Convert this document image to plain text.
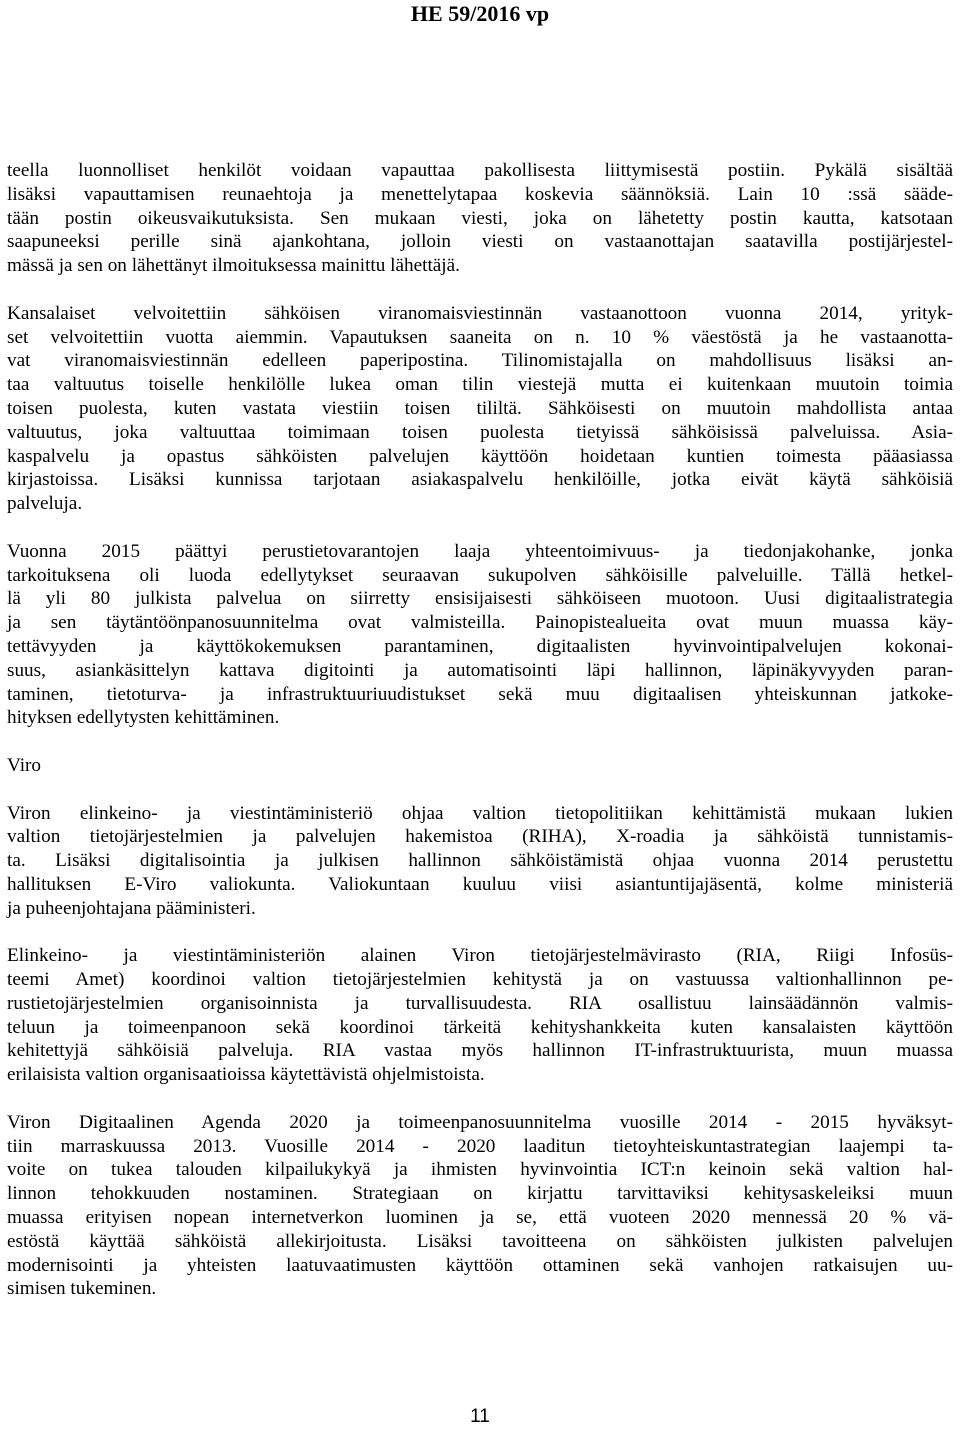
HE 59/2016 vp
teella luonnolliset henkilöt voidaan vapauttaa pakollisesta liittymisestä postiin. Pykälä sisältää
lisäksi vapauttamisen reunaehtoja ja menettelytapaa koskevia säännöksiä. Lain 10 :ssä sääde-
tään postin oikeusvaikutuksista. Sen mukaan viesti, joka on lähetetty postin kautta, katsotaan
saapuneeksi perille sinä ajankohtana, jolloin viesti on vastaanottajan saatavilla postijärjestel-
mässä ja sen on lähettänyt ilmoituksessa mainittu lähettäjä.
Kansalaiset velvoitettiin sähköisen viranomaisviestinnän vastaanottoon vuonna 2014, yrityk-
set velvoitettiin vuotta aiemmin. Vapautuksen saaneita on n. 10 % väestöstä ja he vastaanotta-
vat viranomaisviestinnän edelleen paperipostina. Tilinomistajalla on mahdollisuus lisäksi an-
taa valtuutus toiselle henkilölle lukea oman tilin viestejä mutta ei kuitenkaan muutoin toimia
toisen puolesta, kuten vastata viestiin toisen tililtä. Sähköisesti on muutoin mahdollista antaa
valtuutus, joka valtuuttaa toimimaan toisen puolesta tietyissä sähköisissä palveluissa. Asia-
kaspalvelu ja opastus sähköisten palvelujen käyttöön hoidetaan kuntien toimesta pääasiassa
kirjastoissa. Lisäksi kunnissa tarjotaan asiakaspalvelu henkilöille, jotka eivät käytä sähköisiä
palveluja.
Vuonna 2015 päättyi perustietovarantojen laaja yhteentoimivuus- ja tiedonjakohanke, jonka
tarkoituksena oli luoda edellytykset seuraavan sukupolven sähköisille palveluille. Tällä hetkel-
lä yli 80 julkista palvelua on siirretty ensisijaisesti sähköiseen muotoon. Uusi digitaalistrategia
ja sen täytäntöönpanosuunnitelma ovat valmisteilla. Painopistealueita ovat muun muassa käy-
tettävyyden ja käyttökokemuksen parantaminen, digitaalisten hyvinvointipalvelujen kokonai-
suus, asiankäsittelyn kattava digitointi ja automatisointi läpi hallinnon, läpinäkyvyyden paran-
taminen, tietoturva- ja infrastruktuuriuudistukset sekä muu digitaalisen yhteiskunnan jatkoke-
hityksen edellytysten kehittäminen.
Viro
Viron elinkeino- ja viestintäministeriö ohjaa valtion tietopolitiikan kehittämistä mukaan lukien
valtion tietojärjestelmien ja palvelujen hakemistoa (RIHA), X-roadia ja sähköistä tunnistamis-
ta. Lisäksi digitalisointia ja julkisen hallinnon sähköistämistä ohjaa vuonna 2014 perustettu
hallituksen E-Viro valiokunta. Valiokuntaan kuuluu viisi asiantuntijajäsentä, kolme ministeriä
ja puheenjohtajana pääministeri.
Elinkeino- ja viestintäministeriön alainen Viron tietojärjestelmävirasto (RIA, Riigi Infosüs-
teemi Amet) koordinoi valtion tietojärjestelmien kehitystä ja on vastuussa valtionhallinnon pe-
rustietojärjestelmien organisoinnista ja turvallisuudesta. RIA osallistuu lainsäädännön valmis-
teluun ja toimeenpanoon sekä koordinoi tärkeitä kehityshankkeita kuten kansalaisten käyttöön
kehitettyjä sähköisiä palveluja. RIA vastaa myös hallinnon IT-infrastruktuurista, muun muassa
erilaisista valtion organisaatioissa käytettävistä ohjelmistoista.
Viron Digitaalinen Agenda 2020 ja toimeenpanosuunnitelma vuosille 2014 - 2015 hyväksyt-
tiin marraskuussa 2013. Vuosille 2014 - 2020 laaditun tietoyhteiskuntastrategian laajempi ta-
voite on tukea talouden kilpailukykyä ja ihmisten hyvinvointia ICT:n keinoin sekä valtion hal-
linnon tehokkuuden nostaminen. Strategiaan on kirjattu tarvittaviksi kehitysaskeleiksi muun
muassa erityisen nopean internetverkon luominen ja se, että vuoteen 2020 mennessä 20 % vä-
estöstä käyttää sähköistä allekirjoitusta. Lisäksi tavoitteena on sähköisten julkisten palvelujen
modernisointi ja yhteisten laatuvaatimusten käyttöön ottaminen sekä vanhojen ratkaisujen uu-
simisen tukeminen.
11
